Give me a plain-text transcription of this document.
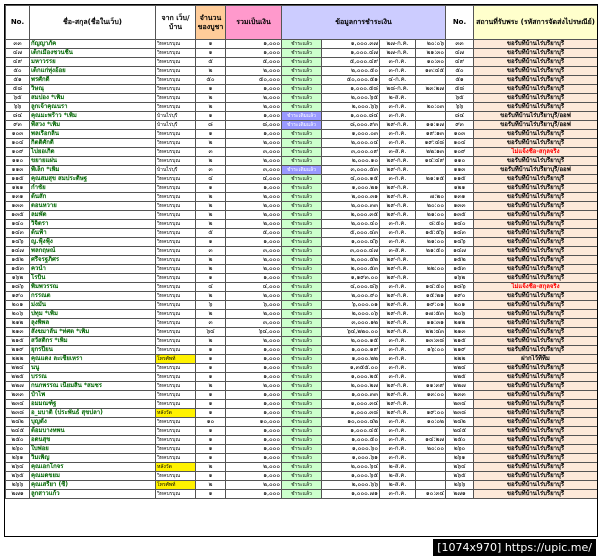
No.	ชื่อ-สกุล(ชื่อในเว็บ)	จาก เว็บ/บ้าน	จำนวน ของบูชา	รวมเป็นเงิน	ข้อมูลการชำระเงิน				No.	สถานที่รับพระ (รหัสการจัดส่งไปรษณีย์)
๓๓	กัญญาภัค	วิหคบรบุณ	๑	๑,๐๐๐	ชำระแล้ว	๑,๐๐๐.๓๗	๒๗-ก.ค.	๒๐:๐๖	๓๓	ขอรับที่บ้านไร่บรียาบุรี
๔๗	เด็กเมืองชวนชื่น	วิหคบรบุณ	๑	๑,๐๐๐	ชำระแล้ว	๑,๐๐๐.๔๗	๒๗-ก.ค.	๒๑:๓๐	๔๗	ขอรับที่บ้านไร่บรียาบุรี
๔๙	มหาวรรย	วิหคบรบุณ	๕	๕,๐๐๐	ชำระแล้ว	๕,๐๐๐.๔๙	๓-ก.ค.	๑๐:๓๐	๔๙	ขอรับที่บ้านไร่บรียาบุรี
๕๐	เด็กแก่ทุ่งอ้อย	วิหคบรบุณ	๒	๒,๐๐๐	ชำระแล้ว	๒,๐๐๐.๕๐	๓-ก.ค.	๑๓:๔๕	๕๐	ขอรับที่บ้านไร่บรียาบุรี
๕๑	พรศักดิ์	วิหคบรบุณ	๕๐	๕๐,๐๐๐	ชำระแล้ว	๕๐,๐๐๐.๕๑	๔-ก.ค.		๕๑	ขอรับที่บ้านไร่บรียาบุรี
๕๘	วิษณุ	วิหคบรบุณ	๑	๑,๐๐๐	ชำระแล้ว	๑,๐๐๐.๕๘	๒๘-ก.ค.	๒๓:๒๗	๕๘	ขอรับที่บ้านไร่บรียาบุรี
๖๕	สมปอง *เพิ่ม	วิหคบรบุณ	๒	๒,๐๐๐	ชำระแล้ว	๒,๐๐๐.๖๕	๒-ส.ค.		๖๕	ขอรับที่บ้านไร่บรียาบุรี
๖๖	ลูกเจ้าคุณนรา	วิหคบรบุณ	๒	๒,๐๐๐	ชำระแล้ว	๒,๐๐๐.๖๖	๓-ก.ค.	๒๐:๐๓	๖๖	ขอรับที่บ้านไร่บรียาบุรี
๘๔	คุณมะพร้าว *เพิ่ม	บ้านไร่บุรี	๑	๑,๐๐๐	ชำระเดิมแล้ว	๑,๐๐๐.๘๔	๓-ก.ค.		๘๔	ขอรับที่บ้านไร่บรียาบุรี/ออฟ
๙๓	พี่สวง *เพิ่ม	บ้านไร่บุรี	๘	๘,๐๐๐	ชำระเดิมแล้ว	๘,๐๐๐.๙๓	๒๙-ก.ค.	๑๑:๑๗	๙๓	ขอรับที่บ้านไร่บรียาบุรี/ออฟ
๑๐๓	พลเรือกลิ่น	วิหคบรบุณ	๑	๑,๐๐๐	ชำระแล้ว	๑,๐๐๐.๐๓	๓-ก.ค.	๑๙:๑๓	๑๐๓	ขอรับที่บ้านไร่บรียาบุรี
๑๐๔	กิตติศักดิ์	วิหคบรบุณ	๒	๒,๐๐๐	ชำระแล้ว	๒,๐๐๐.๐๔	๓-ก.ค.	๑๙:๔๘	๑๐๔	ขอรับที่บ้านไร่บรียาบุรี
๑๐๙	ไปยอเกิด	วิหคบรบุณ	๓	๓,๐๐๐	ชำระแล้ว	๓,๐๐๐.๐๙	๓-ส.ค.	๒๒:๑๓	๑๐๙	ไม่แจ้งชื่อ-สกุลจริง
๑๑๐	ขยายแผ่น	วิหคบรบุณ	๒	๒,๐๐๐	ชำระแล้ว	๒,๐๐๐.๑๐	๒๙-ก.ค.	๑๔:๔๙	๑๑๐	ขอรับที่บ้านไร่บรียาบุรี
๑๑๓	พี่เล็ก *เพิ่ม	บ้านไร่บุรี	๓	๓,๐๐๐	ชำระเดิมแล้ว	๓,๐๐๐.๕๓	๒๙-ก.ค.		๑๑๓	ขอรับที่บ้านไร่บรียาบุรี/ออฟ
๑๑๕	คุณสมสุข สมประดิษฐ	วิหคบรบุณ	๔	๔,๐๐๐	ชำระแล้ว	๔,๐๐๐.๑๕	๓-ก.ค.	๒๑:๑๕	๑๑๕	ขอรับที่บ้านไร่บรียาบุรี
๑๒๑	กำชัย	วิหคบรบุณ	๑	๑,๐๐๐	ชำระแล้ว	๑,๐๐๐.๒๑	๒๙-ก.ค.		๑๒๑	ขอรับที่บ้านไร่บรียาบุรี
๑๓๑	ต้นสัก	วิหคบรบุณ	๒	๒,๐๐๐	ชำระแล้ว	๒,๐๐๐.๓๑	๒๙-ก.ค.	๗:๒๐	๑๓๑	ขอรับที่บ้านไร่บรียาบุรี
๑๓๓	ดอนหวาย	วิหคบรบุณ	๒	๒,๐๐๐	ชำระแล้ว	๒,๐๐๐.๓๓	๒๙-ก.ค.	๒๐:๐๐	๑๓๓	ขอรับที่บ้านไร่บรียาบุรี
๑๓๕	ลมพัด	วิหคบรบุณ	๒	๒,๐๐๐	ชำระแล้ว	๒,๐๐๐.๓๕	๒๙-ก.ค.	๒๑:๐๐	๑๓๕	ขอรับที่บ้านไร่บรียาบุรี
๑๔๐	วิจิตรา	วิหคบรบุณ	๒	๒,๐๐๐	ชำระแล้ว	๒,๐๐๐.๔๐	๓-ก.ค.	๘:๕๐	๑๔๐	ขอรับที่บ้านไร่บรียาบุรี
๑๔๓	ต้นฟ้า	วิหคบรบุณ	๕	๕,๐๐๐	ชำระแล้ว	๕,๐๐๐.๔๓	๓-ก.ค.	๑๕:๕๖	๑๔๓	ขอรับที่บ้านไร่บรียาบุรี
๑๔๖	ญ.ฟุ้งฟุ้ง	วิหคบรบุณ	๑	๑,๐๐๐	ชำระแล้ว	๑,๐๐๐.๔๖	๓-ก.ค.	๒๑:๐๐	๑๔๖	ขอรับที่บ้านไร่บรียาบุรี
๑๔๗	พลกฤษณ์	วิหคบรบุณ	๓	๓,๐๐๐	ชำระแล้ว	๓,๐๐๐.๔๗	๓-ส.ค.	๒๑:๕๐	๑๔๗	ขอรับที่บ้านไร่บรียาบุรี
๑๕๒	ศรีจรฐภิศร	วิหคบรบุณ	๒	๒,๐๐๐	ชำระแล้ว	๒,๐๐๐.๕๒	๒๙-ก.ค.		๑๕๒	ขอรับที่บ้านไร่บรียาบุรี
๑๕๓	ควนํา	วิหคบรบุณ	๒	๒,๐๐๐	ชำระแล้ว	๒,๐๐๐.๕๓	๒๙-ก.ค.	๒๒:๐๐	๑๕๓	ขอรับที่บ้านไร่บรียาบุรี
๑๖๒	โรบิน	วิหคบรบุณ	๑	๑,๐๐๐	ชำระแล้ว	๑,๑๙๓.๐๐	๒๙-ก.ค.		๑๖๒	ขอรับที่บ้านไร่บรียาบุรี
๑๘๖	พิมพวรรณ	วิหคบรบุณ	๔	๔,๐๐๐	ชำระแล้ว	๔,๐๐๐.๘๖	๓-ก.ค.	๑๔:๕๐	๑๘๖	ไม่แจ้งชื่อ-สกุลจริง
๑๙๐	กรรณต	วิหคบรบุณ	๒	๒,๐๐๐	ชำระแล้ว	๒,๐๐๐.๙๐	๒๙-ก.ค.	๑๕:๒๑	๑๙๐	ขอรับที่บ้านไร่บรียาบุรี
๒๐๑	ม่งมัน	วิหคบรบุณ	๖	๖,๐๐๐	ชำระแล้ว	๖,๐๐๐.๐๑	๒๙-ก.ค.	๑๙:๐๑	๒๐๑	ขอรับที่บ้านไร่บรียาบุรี
๒๐๖	ปทุม *เพิ่ม	วิหคบรบุณ	๒	๒,๐๐๐	ชำระแล้ว	๒,๐๐๐.๐๖	๒๙-ก.ค.	๑๗:๕๓	๒๐๖	ขอรับที่บ้านไร่บรียาบุรี
๒๑๒	ลุงพิพล	วิหคบรบุณ	๓	๓,๐๐๐	ชำระแล้ว	๓,๐๐๐.๑๒	๒๙-ก.ค.	๑๑:๓๑	๒๑๒	ขอรับที่บ้านไร่บรียาบุรี
๒๑๓	สังฆมาลัน *ท่ศต *เพิ่ม	วิหคบรบุณ	๖๔	๖๔,๐๐๐	ชำระแล้ว	๖๔,๒๒๐.๐๐	๒๙-ก.ค.	๒๒:๔๓	๒๑๓	ขอรับที่บ้านไร่บรียาบุรี
๒๑๕	สวัสดิกร *เพิ่ม	วิหคบรบุณ	๒	๒,๐๐๐	ชำระแล้ว	๒,๐๐๐.๑๕	๓-ก.ค.	๑๓:๓๘	๒๑๕	ขอรับที่บ้านไร่บรียาบุรี
๒๑๙	ยุกรปี่ยน	วิหคบรบุณ	๑	๑,๐๐๐	ชำระแล้ว	๑,๐๐๐.๑๙	๓-ก.ค.	๑๖:๐๐	๒๑๙	ขอรับที่บ้านไร่บรียาบุรี
๒๒๒	คุณแดง ละเซี่ยเหรา	โทรศัพท์	๑	๑,๐๐๐	ชำระแล้ว	๑,๐๐๐.๒๒	๓-ก.ค.		๒๒๒	ฝากไว้ที่ทีม
๒๒๔	นนู	วิหคบรบุณ	๑	๑,๐๐๐	ชำระแล้ว	๑,๓๕๕.๐๐	๓-ก.ค.		๒๒๔	ขอรับที่บ้านไร่บรียาบุรี
๒๒๕	บรรณ	วิหคบรบุณ	๑	๑,๐๐๐	ชำระแล้ว	๑,๐๐๐.๒๕	๓-ก.ค.		๒๒๕	ขอรับที่บ้านไร่บรียาบุรี
๒๒๗	กนกพรรณ เนียมสิน *สมชร	วิหคบรบุณ	๒	๒,๐๐๐	ชำระแล้ว	๒,๐๐๐.๒๗	๒๙-ก.ค.	๑๑:๓๙	๒๒๗	ขอรับที่บ้านไร่บรียาบุรี
๒๓๓	ปำไพ	วิหคบรบุณ	๑	๑,๐๐๐	ชำระแล้ว	๑,๐๐๐.๓๓	๒๙-ก.ค.	๑๓:๐๐	๒๓๓	ขอรับที่บ้านไร่บรียาบุรี
๒๓๔	อมมณฑ์ัฐ	วิหคบรบุณ	๑	๑,๐๐๐	ชำระแล้ว	๑,๐๐๐.๓๔	๒๙-ก.ค.		๒๓๔	ขอรับที่บ้านไร่บรียาบุรี
๒๓๘	อ_มบาติ (ประพันธ์ สุขปลา)	หลังวัด	๑	๑,๐๐๐	ชำระแล้ว	๑,๐๐๐.๓๘	๒๙-ก.ค.	๑๙:๐๐	๒๓๘	ขอรับที่บ้านไร่บรียาบุรี
๒๔๒	บุญตั้ง	วิหคบรบุณ	๑๐	๑๐,๐๐๐	ชำระแล้ว	๑๐,๐๐๐.๔๒	๓-ก.ค.	๑๐:๐๒	๒๔๒	ขอรับที่บ้านไร่บรียาบุรี
๒๔๕	ต้อมบางหพน	วิหคบรบุณ	๑	๑,๐๐๐	ชำระแล้ว	๑,๐๐๐.๔๕	๓-ก.ค.		๒๔๕	ขอรับที่บ้านไร่บรียาบุรี
๒๕๐	อดนสุข	วิหคบรบุณ	๑	๑,๐๐๐	ชำระแล้ว	๑,๐๐๐.๕๐	๓-ก.ค.	๑๔:๒๗	๒๕๐	ขอรับที่บ้านไร่บรียาบุรี
๒๖๐	ใบพ่อย	วิหคบรบุณ	๑	๑,๐๐๐	ชำระแล้ว	๑,๐๐๐.๖๐	๓-ก.ค.	๒๐:๐๐	๒๖๐	ขอรับที่บ้านไร่บรียาบุรี
๒๖๑	วิมเพิ้ญ	วิหคบรบุณ	๑	๑,๐๐๐	ชำระแล้ว	๑,๐๐๐.๖๑	๓-ก.ค.		๒๖๑	ขอรับที่บ้านไร่บรียาบุรี
๒๖๔	คุณเอกโกจร	หลังวัด	๒	๒,๐๐๐	ชำระแล้ว	๒,๐๐๐.๖๔	๒-ส.ค.		๒๖๔	ขอรับที่บ้านไร่บรียาบุรี
๒๖๕	คุณมดขยม	วิหคบรบุณ	๑	๑,๐๐๐	ชำระแล้ว	๑,๐๐๐.๖๕	๒-ส.ค.		๒๖๕	ขอรับที่บ้านไร่บรียาบุรี
๒๖๖	คุณเสรียา (ซี่)	โทรศัพท์	๒	๒,๐๐๐	ชำระแล้ว	๒,๐๐๐.๖๖	๒-ส.ค.		๒๖๖	ขอรับที่บ้านไร่บรียาบุรี
๒๗๑	ลูกสาวแก้ว	วิหคบรบุณ	๑	๑,๐๐๐	ชำระแล้ว	๑,๐๐๐.๗๑	๓-ก.ค.	๑๐:๓๔	๒๗๑	ขอรับที่บ้านไร่บรียาบุรี
[1074x970] https://upic.me/
